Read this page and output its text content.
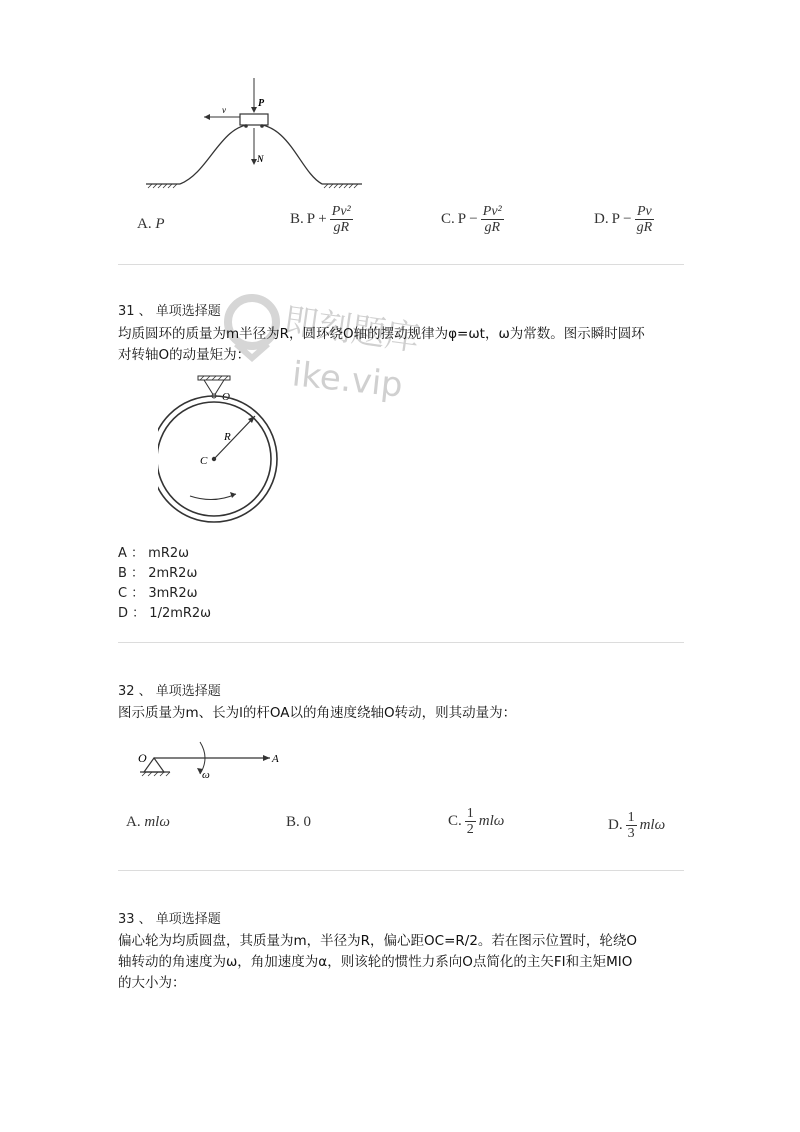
即刻题库
ike.vip
P
N
v
A. P	B. $P + \frac{\text{Pv²}}{gR}$	C. $P - \frac{\text{Pv²}}{gR}$	D. $P - \frac{Pv}{gR}$
31 、 单项选择题
均质圆环的质量为m半径为R，圆环绕O轴的摆动规律为φ=ωt，ω为常数。图示瞬时圆环
对转轴O的动量矩为：
O
R
C
A ： mR2ω
B ： 2mR2ω
C ： 3mR2ω
D ： 1/2mR2ω
32 、 单项选择题
图示质量为m、长为l的杆OA以的角速度绕轴O转动，则其动量为：
O	A
ω
A. mlω	B. 0	C. $\frac{1}{2}$ mlω	D. $\frac{1}{3}$ mlω
33 、 单项选择题
偏心轮为均质圆盘，其质量为m，半径为R，偏心距OC=R/2。若在图示位置时，轮绕O
轴转动的角速度为ω，角加速度为α，则该轮的惯性力系向O点简化的主矢FI和主矩MIO
的大小为：
